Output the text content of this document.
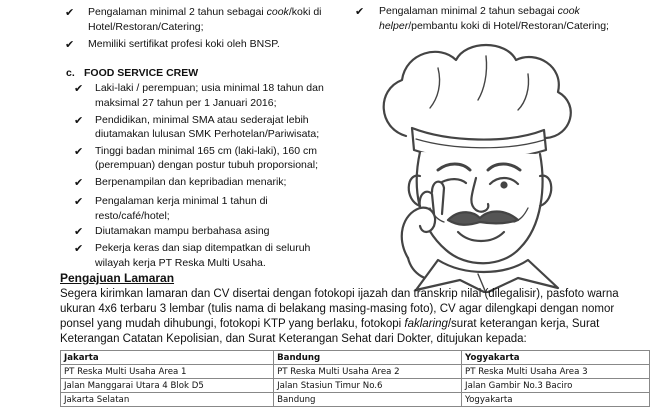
✔ Pengalaman minimal 2 tahun sebagai cook/koki di
Hotel/Restoran/Catering;
✔ Memiliki sertifikat profesi koki oleh BNSP.
✔ Pengalaman minimal 2 tahun sebagai cook
helper/pembantu koki di Hotel/Restoran/Catering;
c. FOOD SERVICE CREW
✔ Laki-laki / perempuan; usia minimal 18 tahun dan
maksimal 27 tahun per 1 Januari 2016;
✔ Pendidikan, minimal SMA atau sederajat lebih
diutamakan lulusan SMK Perhotelan/Pariwisata;
✔ Tinggi badan minimal 165 cm (laki-laki), 160 cm
(perempuan) dengan postur tubuh proporsional;
✔ Berpenampilan dan kepribadian menarik;
✔ Pengalaman kerja minimal 1 tahun di
resto/café/hotel;
✔ Diutamakan mampu berbahasa asing
✔ Pekerja keras dan siap ditempatkan di seluruh
wilayah kerja PT Reska Multi Usaha.
Pengajuan Lamaran
Segera kirimkan lamaran dan CV disertai dengan fotokopi ijazah dan transkrip nilai (dilegalisir), pasfoto warna
ukuran 4x6 terbaru 3 lembar (tulis nama di belakang masing-masing foto), CV agar dilengkapi dengan nomor
ponsel yang mudah dihubungi, fotokopi KTP yang berlaku, fotokopi faklaring/surat keterangan kerja, Surat
Keterangan Catatan Kepolisian, dan Surat Keterangan Sehat dari Dokter, ditujukan kepada:
Jakarta	Bandung	Yogyakarta
PT Reska Multi Usaha Area 1	PT Reska Multi Usaha Area 2	PT Reska Multi Usaha Area 3
Jalan Manggarai Utara 4 Blok D5	Jalan Stasiun Timur No.6	Jalan Gambir No.3 Baciro
Jakarta Selatan	Bandung	Yogyakarta
